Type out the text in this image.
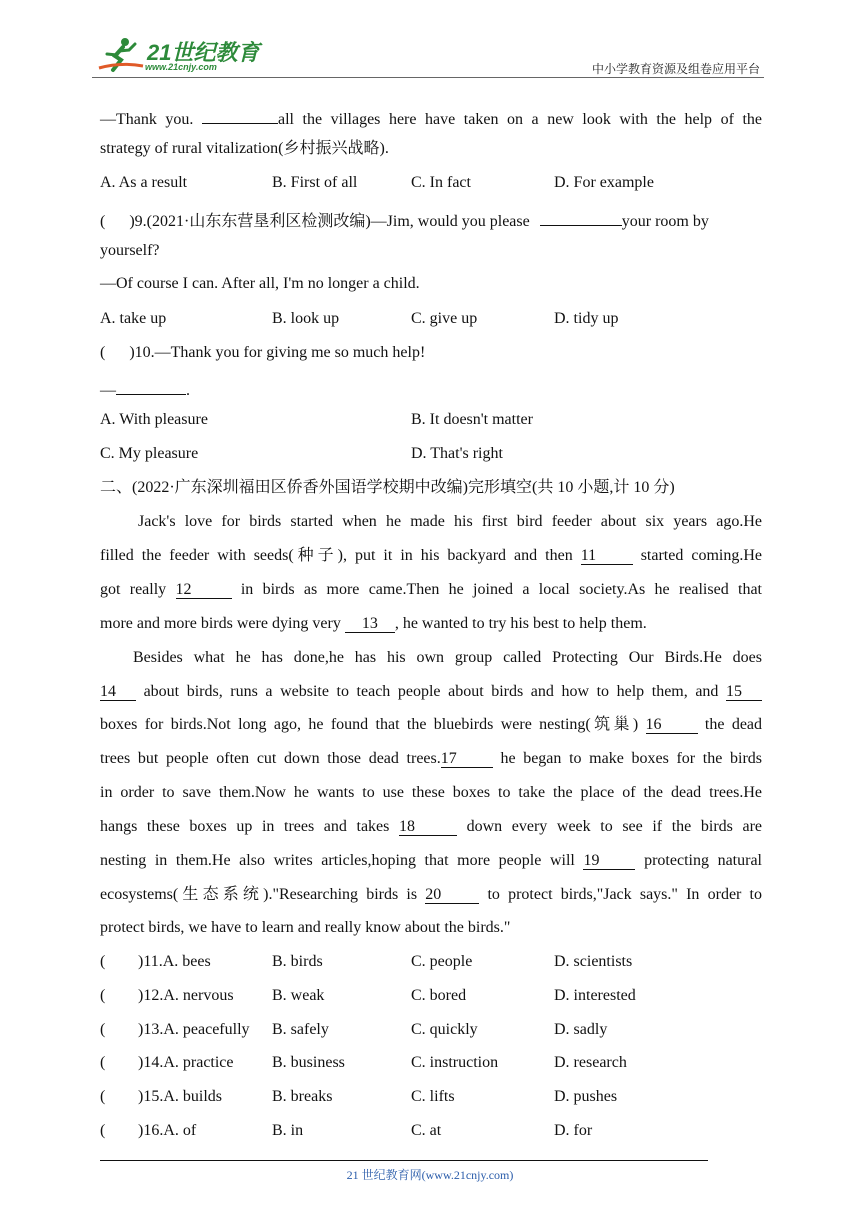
21世纪教育
www.21cnjy.com	中小学教育资源及组卷应用平台
—Thank you.	all the villages here have taken on a new look with the help of the
strategy of rural vitalization(乡村振兴战略).
A. As a result	B. First of all	C. In fact	D. For example
( )9.(2021·山东东营垦利区检测改编)—Jim, would you please	your room by
yourself?
—Of course I can. After all, I'm no longer a child.
A. take up	B. look up	C. give up	D. tidy up
( )10.—Thank you for giving me so much help!
—	.
A. With pleasure	B. It doesn't matter
C. My pleasure	D. That's right
二、(2022·广东深圳福田区侨香外国语学校期中改编)完形填空(共 10 小题,计 10 分)
Jack's love for birds started when he made his first bird feeder about six years ago.He
filled the feeder with seeds(种子), put it in his backyard and then 11	started coming.He
got really 12	in birds as more came.Then he joined a local society.As he realised that
more and more birds were dying very 13 , he wanted to try his best to help them.
Besides what he has done,he has his own group called Protecting Our Birds.He does
14 about birds, runs a website to teach people about birds and how to help them, and 15
boxes for birds.Not long ago, he found that the bluebirds were nesting(筑巢) 16	the dead
trees but people often cut down those dead trees.17	he began to make boxes for the birds
in order to save them.Now he wants to use these boxes to take the place of the dead trees.He
hangs these boxes up in trees and takes 18	down every week to see if the birds are
nesting in them.He also writes articles,hoping that more people will 19	protecting natural
ecosystems(生态系统)."Researching birds is 20	to protect birds,"Jack says." In order to
protect birds, we have to learn and really know about the birds."
( )11.A. bees	B. birds	C. people	D. scientists
( )12.A. nervous B. weak	C. bored	D. interested
( )13.A. peacefully B. safely	C. quickly	D. sadly
( )14.A. practice B. business	C. instruction	D. research
( )15.A. builds	B. breaks	C. lifts	D. pushes
( )16.A. of	B. in	C. at	D. for
21 世纪教育网(www.21cnjy.com)
